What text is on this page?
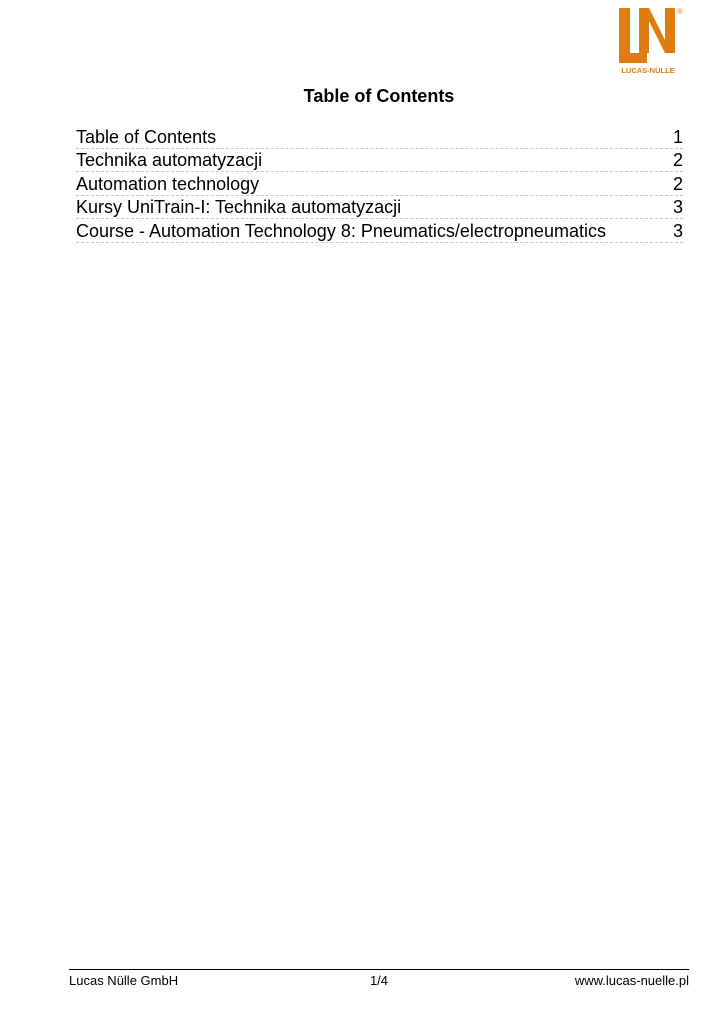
®
LUCAS-NÜLLE
Table of Contents
Table of Contents	1
Technika automatyzacji	2
Automation technology	2
Kursy UniTrain-I: Technika automatyzacji	3
Course - Automation Technology 8: Pneumatics/electropneumatics	3
Lucas Nülle GmbH	1/4	www.lucas-nuelle.pl
